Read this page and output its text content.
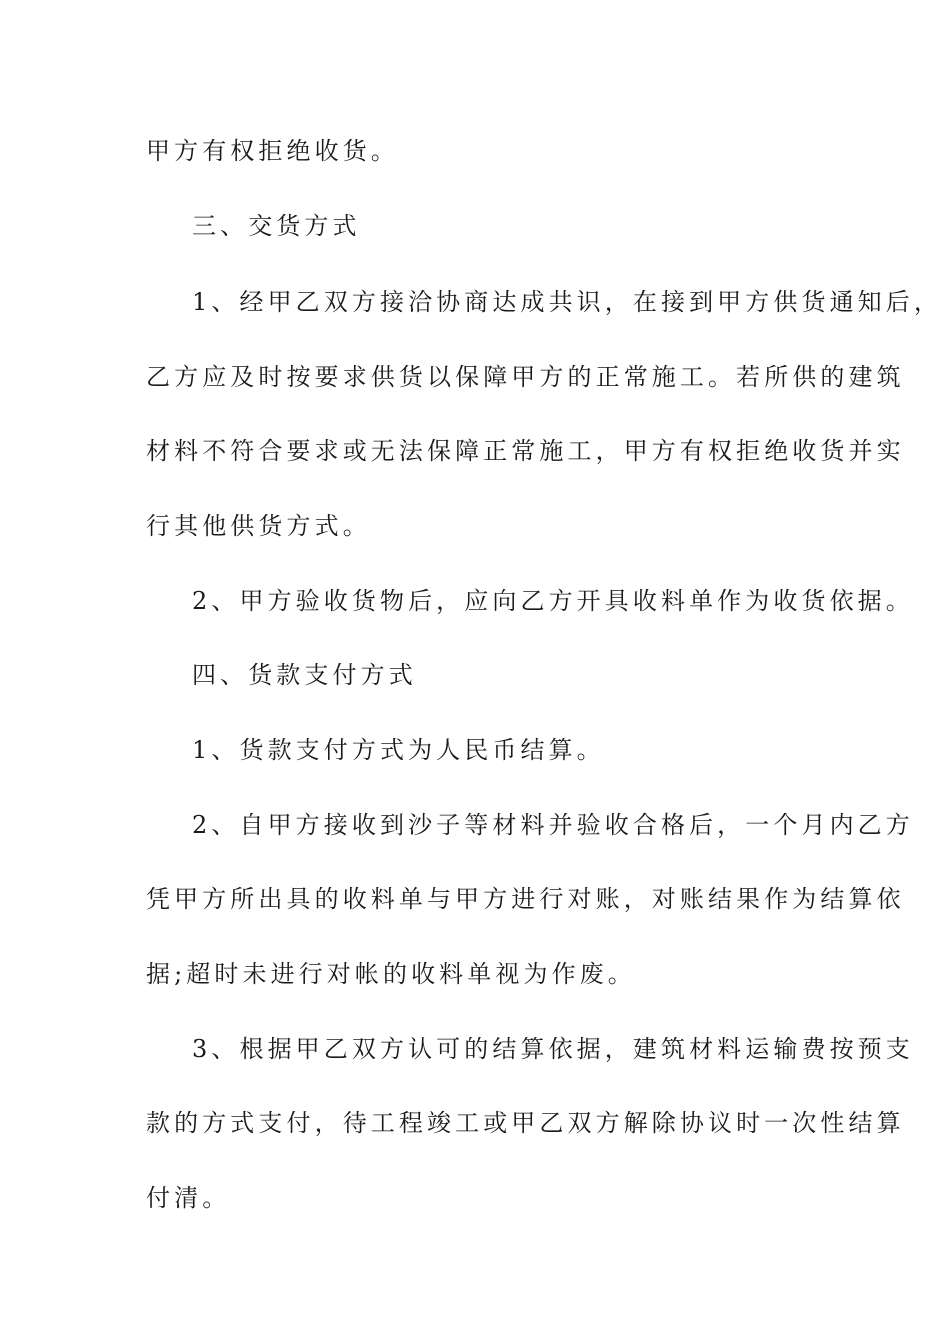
甲方有权拒绝收货。
三、交货方式
1、经甲乙双方接洽协商达成共识，在接到甲方供货通知后，
乙方应及时按要求供货以保障甲方的正常施工。若所供的建筑
材料不符合要求或无法保障正常施工，甲方有权拒绝收货并实
行其他供货方式。
2、甲方验收货物后，应向乙方开具收料单作为收货依据。
四、货款支付方式
1、货款支付方式为人民币结算。
2、自甲方接收到沙子等材料并验收合格后，一个月内乙方
凭甲方所出具的收料单与甲方进行对账，对账结果作为结算依
据;超时未进行对帐的收料单视为作废。
3、根据甲乙双方认可的结算依据，建筑材料运输费按预支
款的方式支付，待工程竣工或甲乙双方解除协议时一次性结算
付清。
